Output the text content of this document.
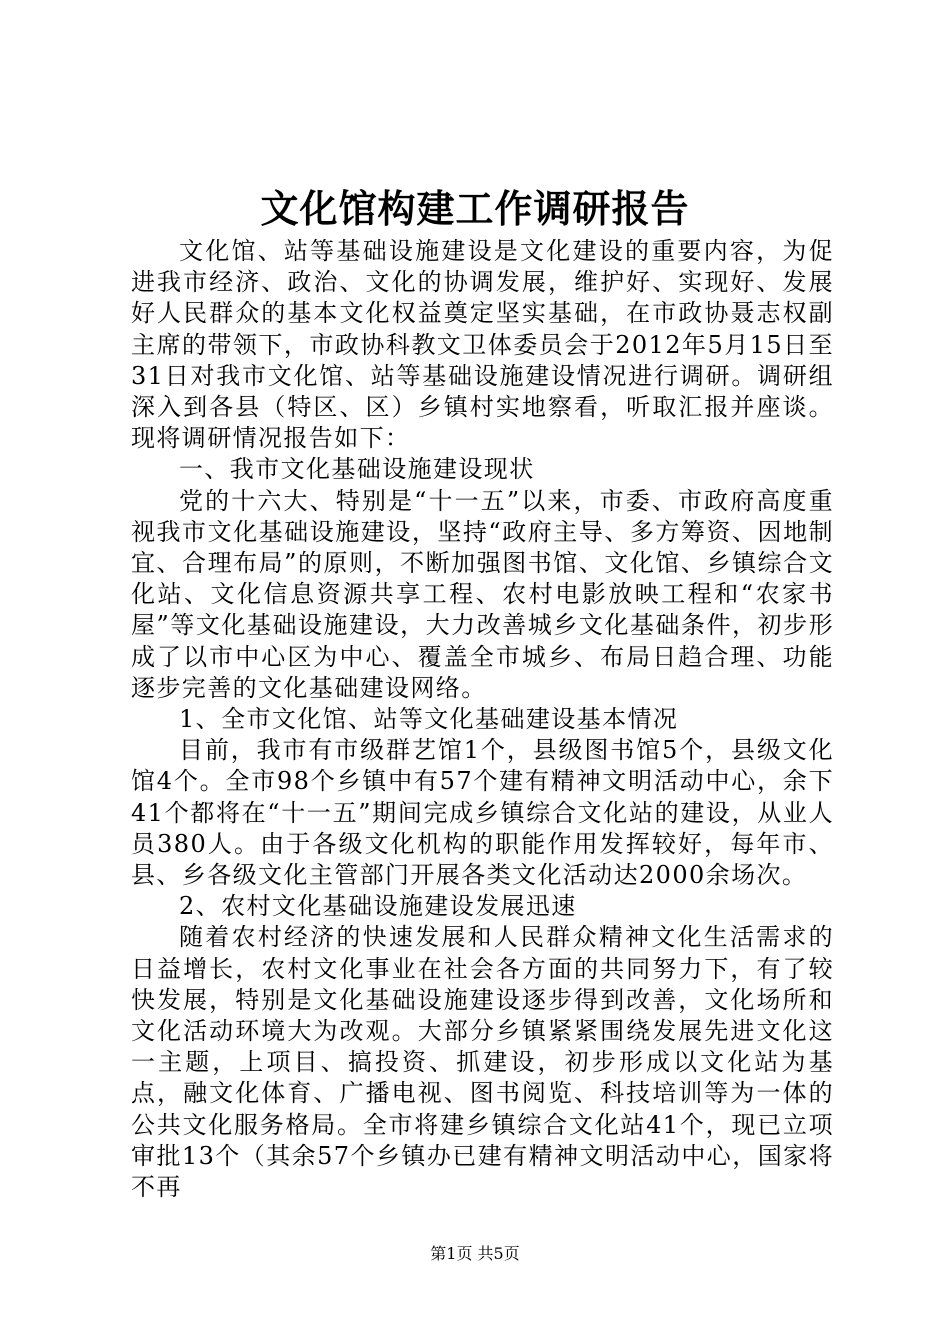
文化馆构建工作调研报告

文化馆、站等基础设施建设是文化建设的重要内容，为促进我市经济、政治、文化的协调发展，维护好、实现好、发展好人民群众的基本文化权益奠定坚实基础，在市政协聂志权副主席的带领下，市政协科教文卫体委员会于2012年5月15日至31日对我市文化馆、站等基础设施建设情况进行调研。调研组深入到各县（特区、区）乡镇村实地察看，听取汇报并座谈。现将调研情况报告如下：

一、我市文化基础设施建设现状

党的十六大、特别是“十一五”以来，市委、市政府高度重视我市文化基础设施建设，坚持“政府主导、多方筹资、因地制宜、合理布局”的原则，不断加强图书馆、文化馆、乡镇综合文化站、文化信息资源共享工程、农村电影放映工程和“农家书屋”等文化基础设施建设，大力改善城乡文化基础条件，初步形成了以市中心区为中心、覆盖全市城乡、布局日趋合理、功能逐步完善的文化基础建设网络。

1、全市文化馆、站等文化基础建设基本情况

目前，我市有市级群艺馆1个，县级图书馆5个，县级文化馆4个。全市98个乡镇中有57个建有精神文明活动中心，余下41个都将在“十一五”期间完成乡镇综合文化站的建设，从业人员380人。由于各级文化机构的职能作用发挥较好，每年市、县、乡各级文化主管部门开展各类文化活动达2000余场次。

2、农村文化基础设施建设发展迅速

随着农村经济的快速发展和人民群众精神文化生活需求的日益增长，农村文化事业在社会各方面的共同努力下，有了较快发展，特别是文化基础设施建设逐步得到改善，文化场所和文化活动环境大为改观。大部分乡镇紧紧围绕发展先进文化这一主题，上项目、搞投资、抓建设，初步形成以文化站为基点，融文化体育、广播电视、图书阅览、科技培训等为一体的公共文化服务格局。全市将建乡镇综合文化站41个，现已立项审批13个（其余57个乡镇办已建有精神文明活动中心，国家将不再

第1页 共5页
